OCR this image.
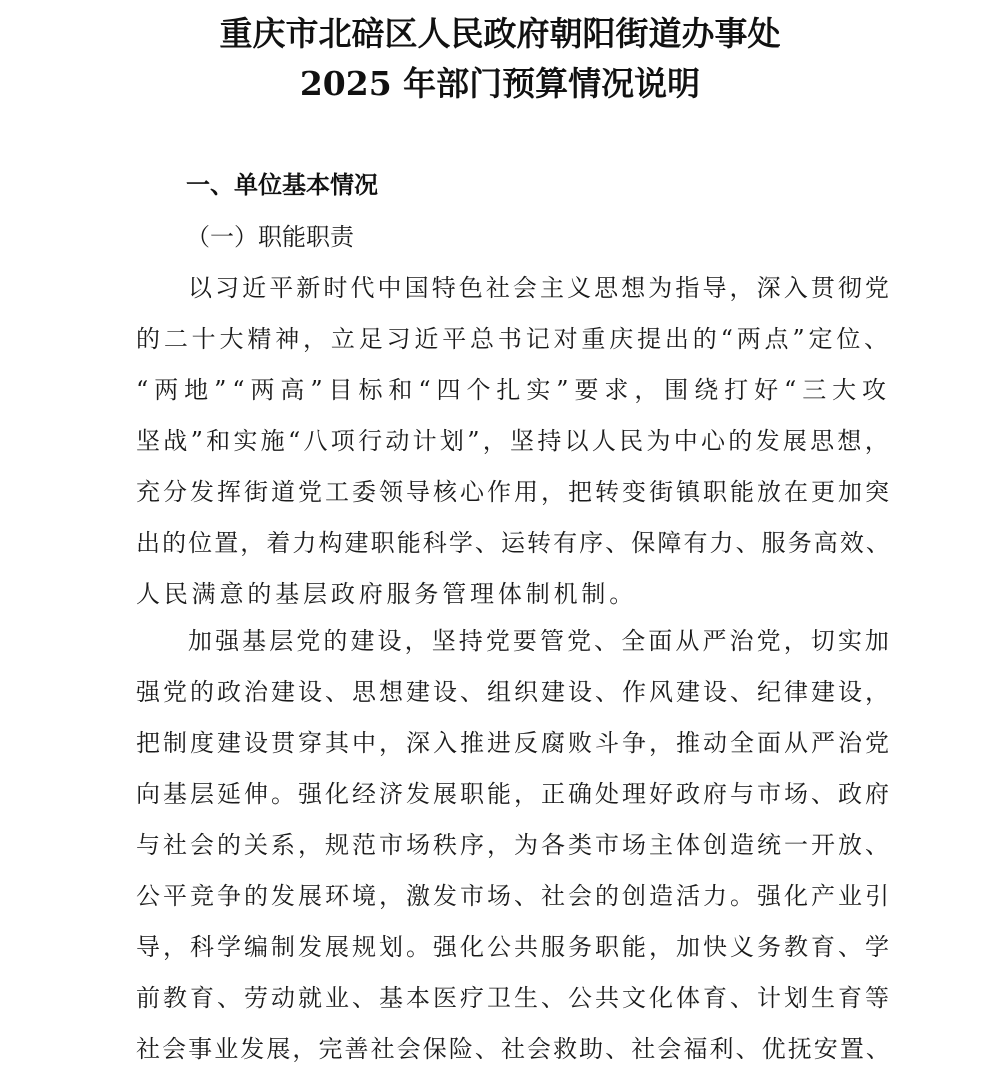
重庆市北碚区人民政府朝阳街道办事处
2025 年部门预算情况说明
一、单位基本情况
（一）职能职责
以习近平新时代中国特色社会主义思想为指导，深入贯彻党
的二十大精神，立足习近平总书记对重庆提出的“两点”定位、
“两地”“两高”目标和“四个扎实”要求，围绕打好“三大攻
坚战”和实施“八项行动计划”，坚持以人民为中心的发展思想，
充分发挥街道党工委领导核心作用，把转变街镇职能放在更加突
出的位置，着力构建职能科学、运转有序、保障有力、服务高效、
人民满意的基层政府服务管理体制机制。
加强基层党的建设，坚持党要管党、全面从严治党，切实加
强党的政治建设、思想建设、组织建设、作风建设、纪律建设，
把制度建设贯穿其中，深入推进反腐败斗争，推动全面从严治党
向基层延伸。强化经济发展职能，正确处理好政府与市场、政府
与社会的关系，规范市场秩序，为各类市场主体创造统一开放、
公平竞争的发展环境，激发市场、社会的创造活力。强化产业引
导，科学编制发展规划。强化公共服务职能，加快义务教育、学
前教育、劳动就业、基本医疗卫生、公共文化体育、计划生育等
社会事业发展，完善社会保险、社会救助、社会福利、优抚安置、
